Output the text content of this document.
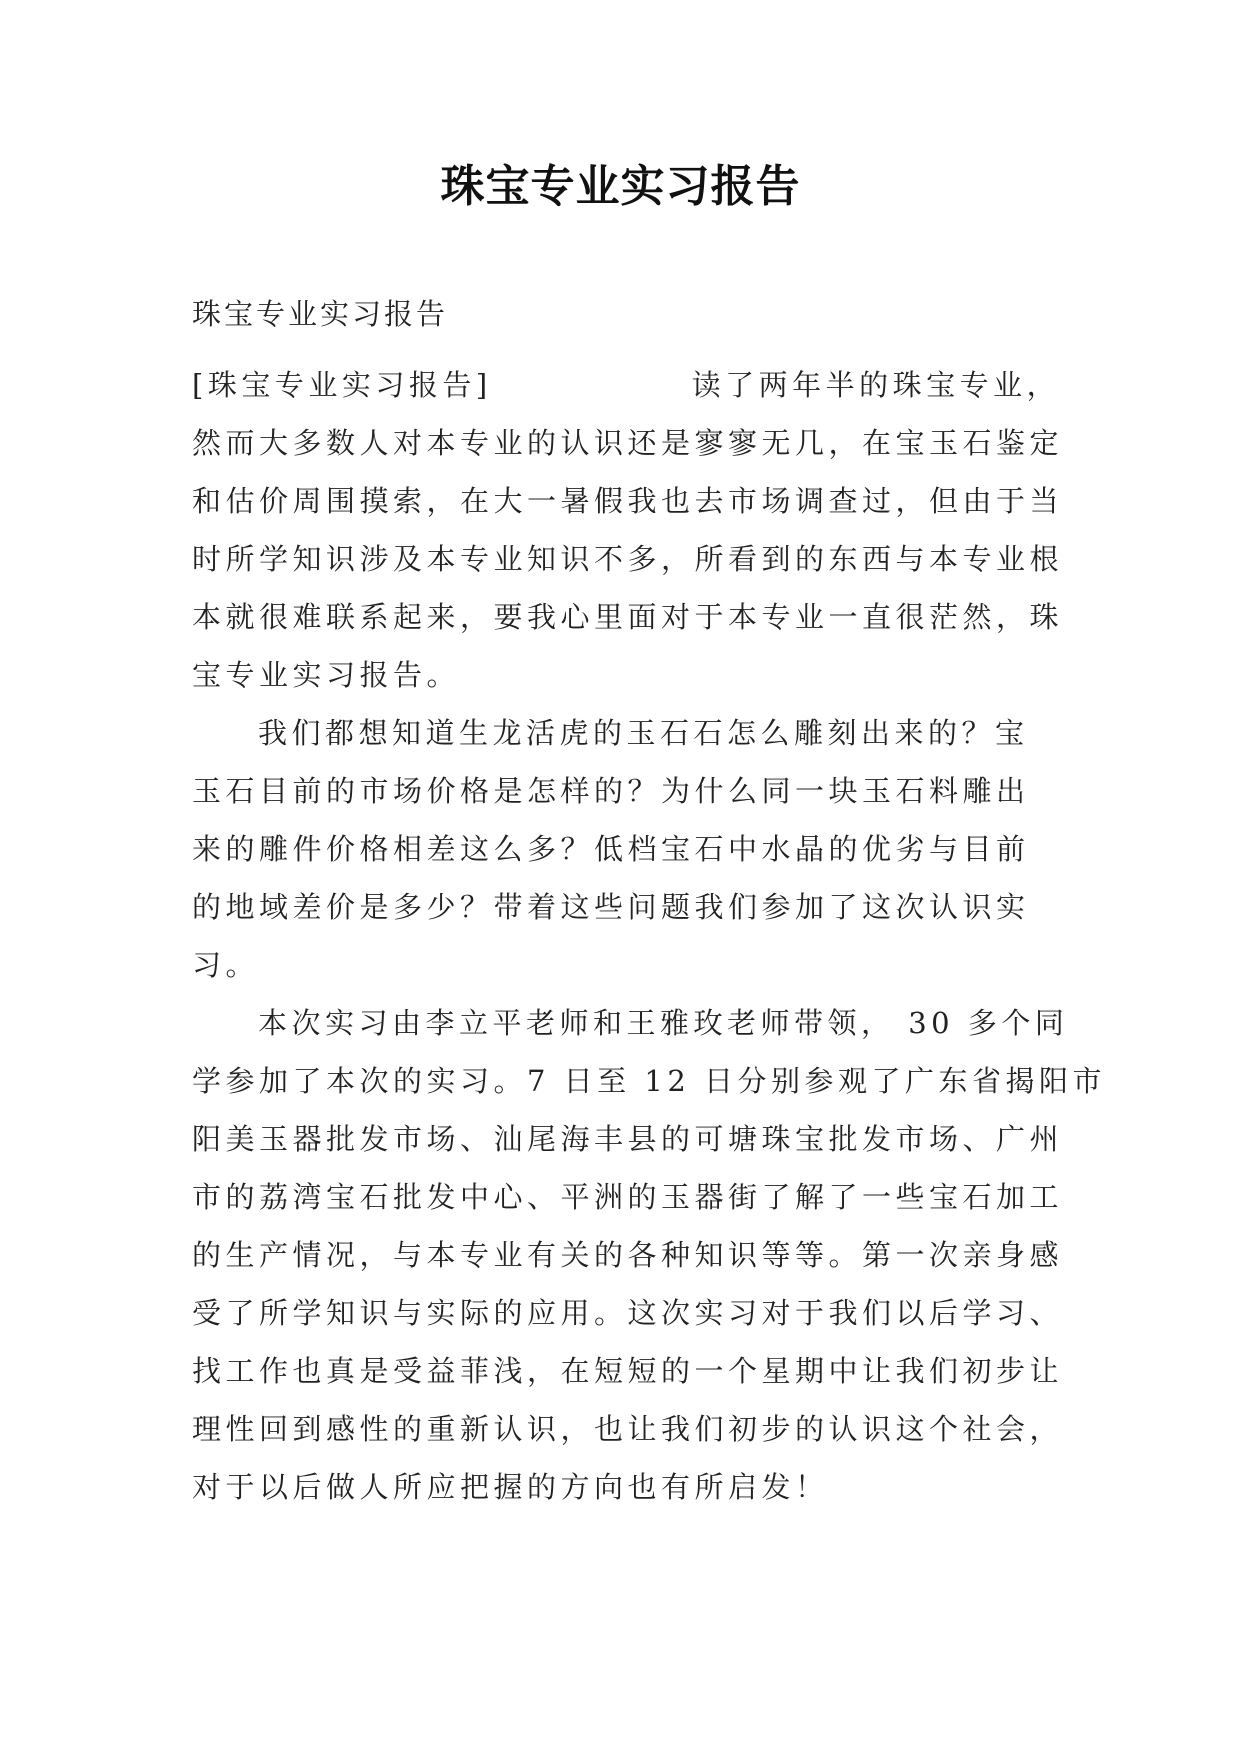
珠宝专业实习报告

珠宝专业实习报告

[珠宝专业实习报告]	读了两年半的珠宝专业，
然而大多数人对本专业的认识还是寥寥无几，在宝玉石鉴定
和估价周围摸索，在大一暑假我也去市场调查过，但由于当
时所学知识涉及本专业知识不多，所看到的东西与本专业根
本就很难联系起来，要我心里面对于本专业一直很茫然，珠
宝专业实习报告。
我们都想知道生龙活虎的玉石石怎么雕刻出来的？宝
玉石目前的市场价格是怎样的？为什么同一块玉石料雕出
来的雕件价格相差这么多？低档宝石中水晶的优劣与目前
的地域差价是多少？带着这些问题我们参加了这次认识实
习。
本次实习由李立平老师和王雅玫老师带领， 30 多个同
学参加了本次的实习。7 日至 12 日分别参观了广东省揭阳市
阳美玉器批发市场、汕尾海丰县的可塘珠宝批发市场、广州
市的荔湾宝石批发中心、平洲的玉器街了解了一些宝石加工
的生产情况，与本专业有关的各种知识等等。第一次亲身感
受了所学知识与实际的应用。这次实习对于我们以后学习、
找工作也真是受益菲浅，在短短的一个星期中让我们初步让
理性回到感性的重新认识，也让我们初步的认识这个社会，
对于以后做人所应把握的方向也有所启发！
